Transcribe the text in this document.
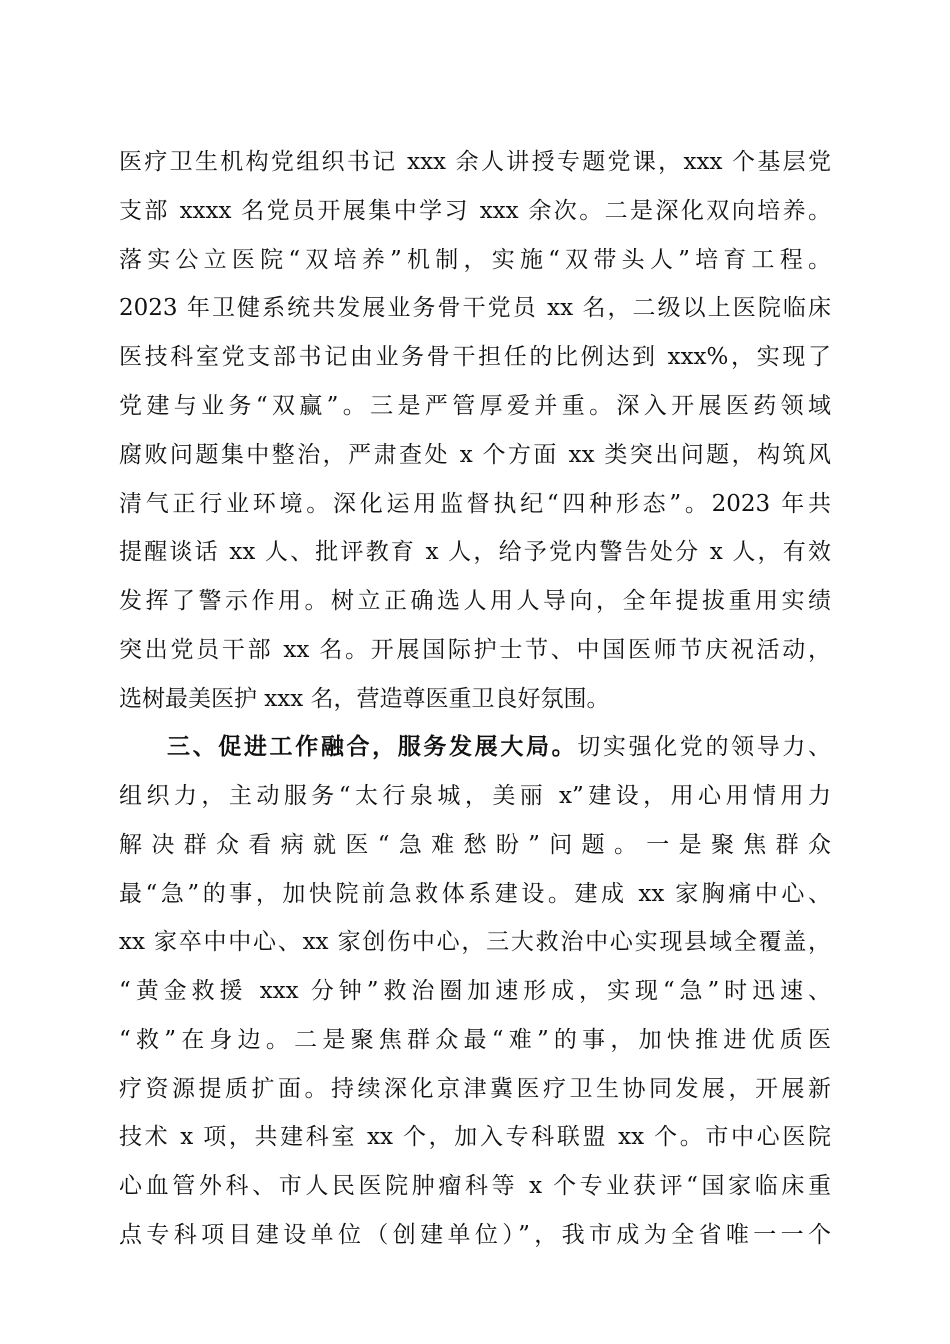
医疗卫生机构党组织书记 xxx 余人讲授专题党课，xxx 个基层党
支部 xxxx 名党员开展集中学习 xxx 余次。二是深化双向培养。
落实公立医院“双培养”机制，实施“双带头人”培育工程。
2023 年卫健系统共发展业务骨干党员 xx 名，二级以上医院临床
医技科室党支部书记由业务骨干担任的比例达到 xxx%，实现了
党建与业务“双赢”。三是严管厚爱并重。深入开展医药领域
腐败问题集中整治，严肃查处 x 个方面 xx 类突出问题，构筑风
清气正行业环境。深化运用监督执纪“四种形态”。2023 年共
提醒谈话 xx 人、批评教育 x 人，给予党内警告处分 x 人，有效
发挥了警示作用。树立正确选人用人导向，全年提拔重用实绩
突出党员干部 xx 名。开展国际护士节、中国医师节庆祝活动，
选树最美医护 xxx 名，营造尊医重卫良好氛围。
三、促进工作融合，服务发展大局。切实强化党的领导力、
组织力，主动服务“太行泉城，美丽 x”建设，用心用情用力
解决群众看病就医“急难愁盼”问题。一是聚焦群众
最“急”的事，加快院前急救体系建设。建成 xx 家胸痛中心、
xx 家卒中中心、xx 家创伤中心，三大救治中心实现县域全覆盖，
“黄金救援 xxx 分钟”救治圈加速形成，实现“急”时迅速、
“救”在身边。二是聚焦群众最“难”的事，加快推进优质医
疗资源提质扩面。持续深化京津冀医疗卫生协同发展，开展新
技术 x 项，共建科室 xx 个，加入专科联盟 xx 个。市中心医院
心血管外科、市人民医院肿瘤科等 x 个专业获评“国家临床重
点专科项目建设单位（创建单位）”，我市成为全省唯一一个
